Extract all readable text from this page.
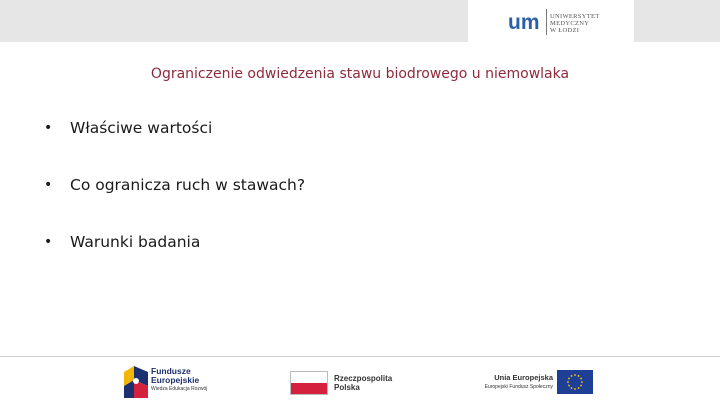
um UNIWERSYTET
MEDYCZNY
W ŁODZI
Ograniczenie odwiedzenia stawu biodrowego u niemowlaka
•	Właściwe wartości
•	Co ogranicza ruch w stawach?
•	Warunki badania
Fundusze
Europejskie
Wiedza Edukacja Rozwój
Rzeczpospolita
Polska
Unia Europejska
Europejski Fundusz Społeczny
